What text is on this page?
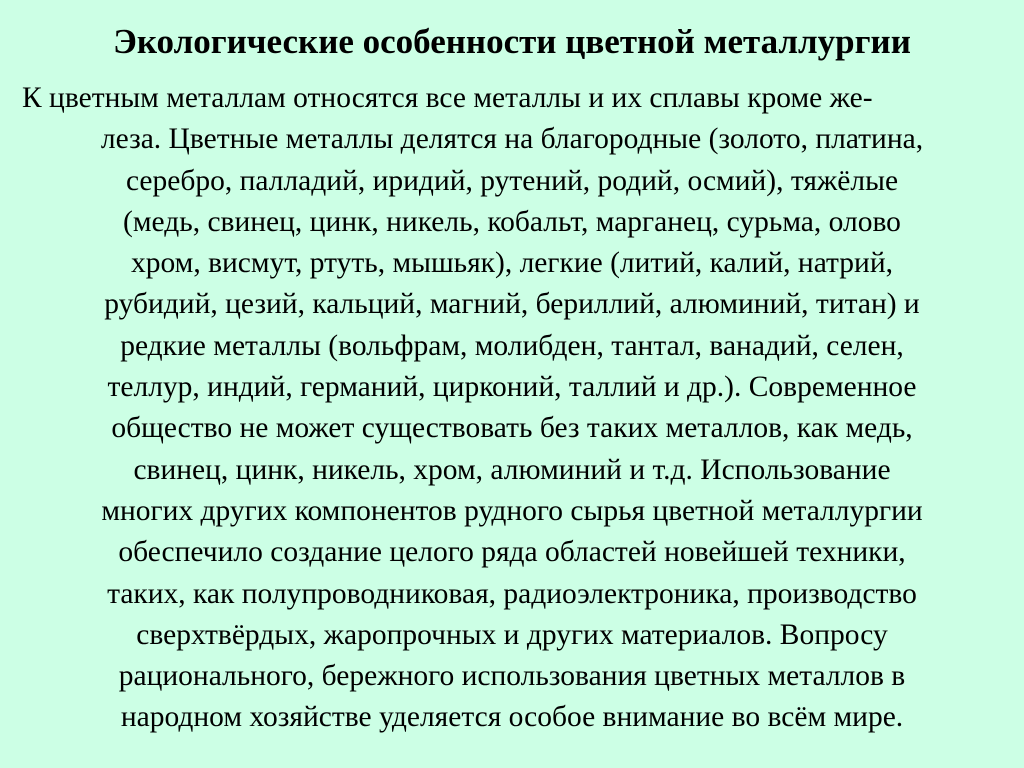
Экологические особенности цветной металлургии
К цветным металлам относятся все металлы и их сплавы кроме же-
леза. Цветные металлы делятся на благородные (золото, платина,
серебро, палладий, иридий, рутений, родий, осмий), тяжёлые
(медь, свинец, цинк, никель, кобальт, марганец, сурьма, олово
хром, висмут, ртуть, мышьяк), легкие (литий, калий, натрий,
рубидий, цезий, кальций, магний, бериллий, алюминий, титан) и
редкие металлы (вольфрам, молибден, тантал, ванадий, селен,
теллур, индий, германий, цирконий, таллий и др.). Современное
общество не может существовать без таких металлов, как медь,
свинец, цинк, никель, хром, алюминий и т.д. Использование
многих других компонентов рудного сырья цветной металлургии
обеспечило создание целого ряда областей новейшей техники,
таких, как полупроводниковая, радиоэлектроника, производство
сверхтвёрдых, жаропрочных и других материалов. Вопросу
рационального, бережного использования цветных металлов в
народном хозяйстве уделяется особое внимание во всём мире.
